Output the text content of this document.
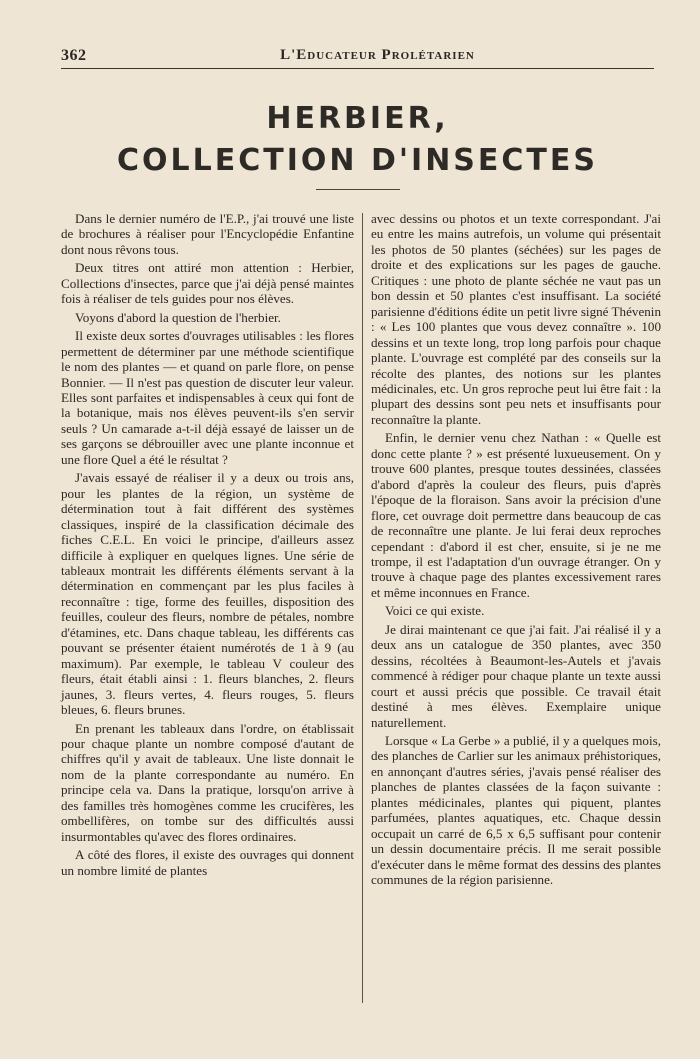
362	L'Educateur Prolétarien
HERBIER,
COLLECTION D'INSECTES

Dans le dernier numéro de l'E.P., j'ai trouvé une liste de brochures à réaliser pour l'Encyclopédie Enfantine dont nous rêvons tous.

Deux titres ont attiré mon attention : Herbier, Collections d'insectes, parce que j'ai déjà pensé maintes fois à réaliser de tels guides pour nos élèves.

Voyons d'abord la question de l'herbier.

Il existe deux sortes d'ouvrages utilisables : les flores permettent de déterminer par une méthode scientifique le nom des plantes — et quand on parle flore, on pense Bonnier. — Il n'est pas question de discuter leur valeur. Elles sont parfaites et indispensables à ceux qui font de la botanique, mais nos élèves peuvent-ils s'en servir seuls ? Un camarade a-t-il déjà essayé de laisser un de ses garçons se débrouiller avec une plante inconnue et une flore Quel a été le résultat ?

J'avais essayé de réaliser il y a deux ou trois ans, pour les plantes de la région, un système de détermination tout à fait différent des systèmes classiques, inspiré de la classification décimale des fiches C.E.L. En voici le principe, d'ailleurs assez difficile à expliquer en quelques lignes. Une série de tableaux montrait les différents éléments servant à la détermination en commençant par les plus faciles à reconnaître : tige, forme des feuilles, disposition des feuilles, couleur des fleurs, nombre de pétales, nombre d'étamines, etc. Dans chaque tableau, les différents cas pouvant se présenter étaient numérotés de 1 à 9 (au maximum). Par exemple, le tableau V couleur des fleurs, était établi ainsi : 1. fleurs blanches, 2. fleurs jaunes, 3. fleurs vertes, 4. fleurs rouges, 5. fleurs bleues, 6. fleurs brunes.

En prenant les tableaux dans l'ordre, on établissait pour chaque plante un nombre composé d'autant de chiffres qu'il y avait de tableaux. Une liste donnait le nom de la plante correspondante au numéro. En principe cela va. Dans la pratique, lorsqu'on arrive à des familles très homogènes comme les crucifères, les ombellifères, on tombe sur des difficultés aussi insurmontables qu'avec des flores ordinaires.

A côté des flores, il existe des ouvrages qui donnent un nombre limité de plantes

avec dessins ou photos et un texte correspondant. J'ai eu entre les mains autrefois, un volume qui présentait les photos de 50 plantes (séchées) sur les pages de droite et des explications sur les pages de gauche. Critiques : une photo de plante séchée ne vaut pas un bon dessin et 50 plantes c'est insuffisant. La société parisienne d'éditions édite un petit livre signé Thévenin : « Les 100 plantes que vous devez connaître ». 100 dessins et un texte long, trop long parfois pour chaque plante. L'ouvrage est complété par des conseils sur la récolte des plantes, des notions sur les plantes médicinales, etc. Un gros reproche peut lui être fait : la plupart des dessins sont peu nets et insuffisants pour reconnaître la plante.

Enfin, le dernier venu chez Nathan : « Quelle est donc cette plante ? » est présenté luxueusement. On y trouve 600 plantes, presque toutes dessinées, classées d'abord d'après la couleur des fleurs, puis d'après l'époque de la floraison. Sans avoir la précision d'une flore, cet ouvrage doit permettre dans beaucoup de cas de reconnaître une plante. Je lui ferai deux reproches cependant : d'abord il est cher, ensuite, si je ne me trompe, il est l'adaptation d'un ouvrage étranger. On y trouve à chaque page des plantes excessivement rares et même inconnues en France.

Voici ce qui existe.

Je dirai maintenant ce que j'ai fait. J'ai réalisé il y a deux ans un catalogue de 350 plantes, avec 350 dessins, récoltées à Beaumont-les-Autels et j'avais commencé à rédiger pour chaque plante un texte aussi court et aussi précis que possible. Ce travail était destiné à mes élèves. Exemplaire unique naturellement.

Lorsque « La Gerbe » a publié, il y a quelques mois, des planches de Carlier sur les animaux préhistoriques, en annonçant d'autres séries, j'avais pensé réaliser des planches de plantes classées de la façon suivante : plantes médicinales, plantes qui piquent, plantes parfumées, plantes aquatiques, etc. Chaque dessin occupait un carré de 6,5 x 6,5 suffisant pour contenir un dessin documentaire précis. Il me serait possible d'exécuter dans le même format des dessins des plantes communes de la région parisienne.
